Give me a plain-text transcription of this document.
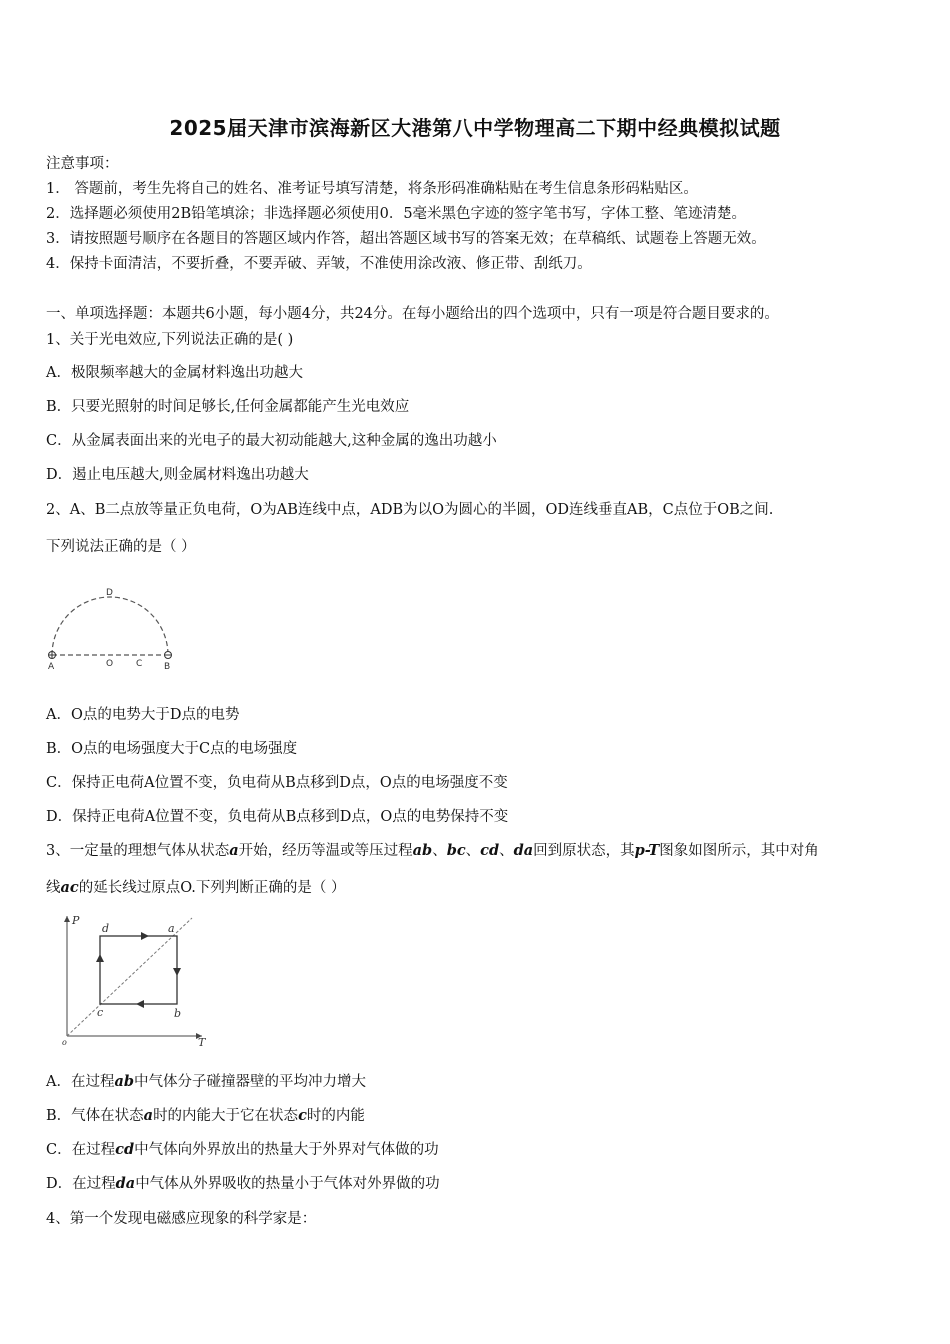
2025届天津市滨海新区大港第八中学物理高二下期中经典模拟试题
注意事项：
1． 答题前，考生先将自己的姓名、准考证号填写清楚，将条形码准确粘贴在考生信息条形码粘贴区。
2．选择题必须使用2B铅笔填涂；非选择题必须使用0．5毫米黑色字迹的签字笔书写，字体工整、笔迹清楚。
3．请按照题号顺序在各题目的答题区域内作答，超出答题区域书写的答案无效；在草稿纸、试题卷上答题无效。
4．保持卡面清洁，不要折叠，不要弄破、弄皱，不准使用涂改液、修正带、刮纸刀。
一、单项选择题：本题共6小题，每小题4分，共24分。在每小题给出的四个选项中，只有一项是符合题目要求的。
1、关于光电效应,下列说法正确的是( )
A．极限频率越大的金属材料逸出功越大
B．只要光照射的时间足够长,任何金属都能产生光电效应
C．从金属表面出来的光电子的最大初动能越大,这种金属的逸出功越小
D．遏止电压越大,则金属材料逸出功越大
2、A、B二点放等量正负电荷，O为AB连线中点，ADB为以O为圆心的半圆，OD连线垂直AB，C点位于OB之间.
下列说法正确的是（ ）
D
A	O	C B
A．O点的电势大于D点的电势
B．O点的电场强度大于C点的电场强度
C．保持正电荷A位置不变，负电荷从B点移到D点，O点的电场强度不变
D．保持正电荷A位置不变，负电荷从B点移到D点，O点的电势保持不变
3、一定量的理想气体从状态a开始，经历等温或等压过程ab、bc、cd、da回到原状态，其p-T图象如图所示，其中对角
线ac的延长线过原点O.下列判断正确的是（ ）
P
T
o
a
b
c
d
A．在过程ab中气体分子碰撞器壁的平均冲力增大
B．气体在状态a时的内能大于它在状态c时的内能
C．在过程cd中气体向外界放出的热量大于外界对气体做的功
D．在过程da中气体从外界吸收的热量小于气体对外界做的功
4、第一个发现电磁感应现象的科学家是：
